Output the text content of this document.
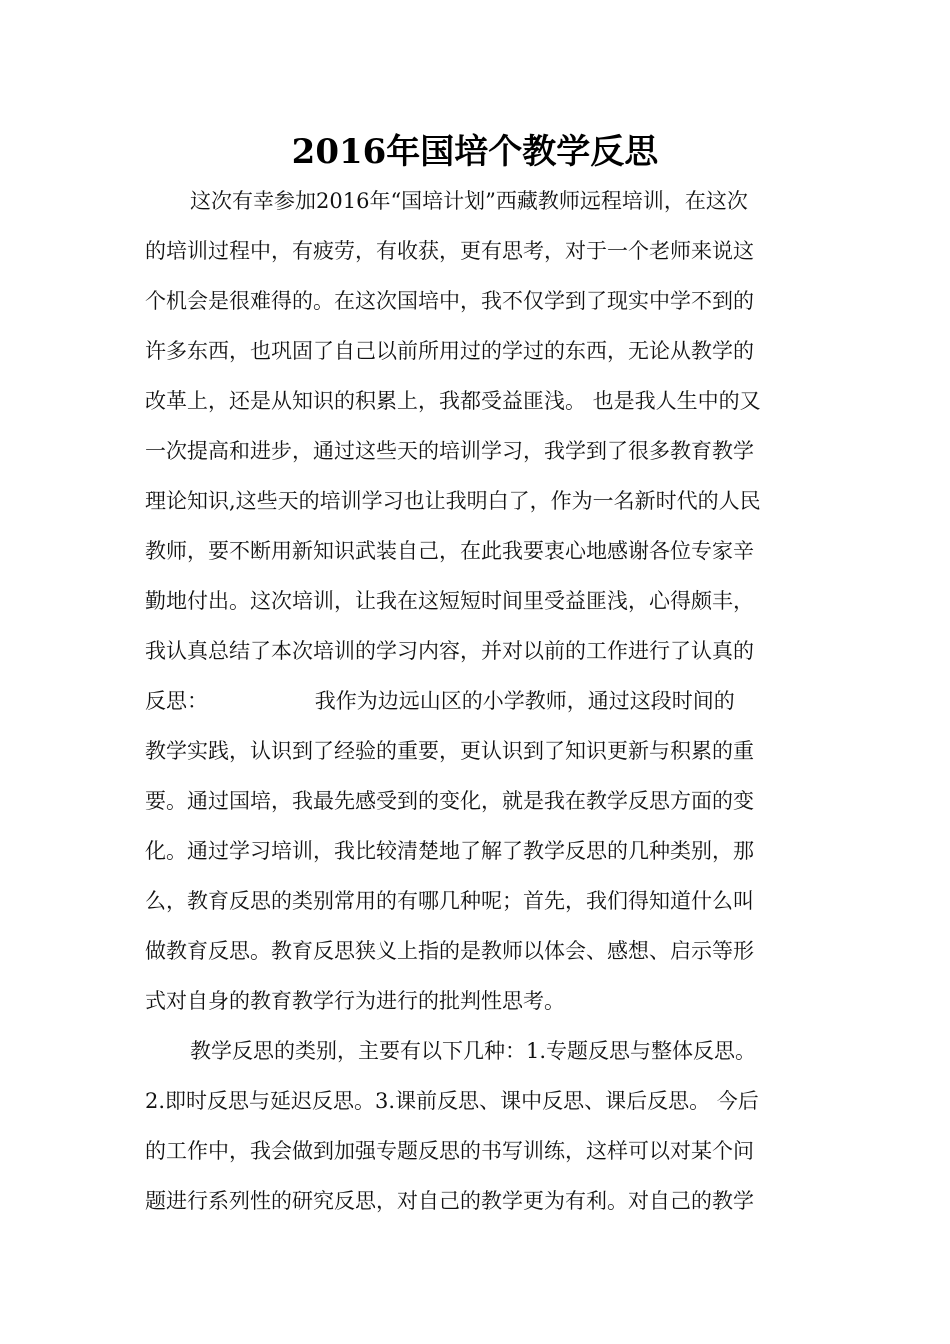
2016年国培个教学反思

这次有幸参加2016年“国培计划”西藏教师远程培训，在这次

的培训过程中，有疲劳，有收获，更有思考，对于一个老师来说这

个机会是很难得的。在这次国培中，我不仅学到了现实中学不到的

许多东西，也巩固了自己以前所用过的学过的东西，无论从教学的

改革上，还是从知识的积累上，我都受益匪浅。 也是我人生中的又

一次提高和进步，通过这些天的培训学习，我学到了很多教育教学

理论知识,这些天的培训学习也让我明白了，作为一名新时代的人民

教师，要不断用新知识武装自己，在此我要衷心地感谢各位专家辛

勤地付出。这次培训，让我在这短短时间里受益匪浅，心得颇丰，

我认真总结了本次培训的学习内容，并对以前的工作进行了认真的

反思：                我作为边远山区的小学教师，通过这段时间的

教学实践，认识到了经验的重要，更认识到了知识更新与积累的重

要。通过国培，我最先感受到的变化，就是我在教学反思方面的变

化。通过学习培训，我比较清楚地了解了教学反思的几种类别，那

么，教育反思的类别常用的有哪几种呢；首先，我们得知道什么叫

做教育反思。教育反思狭义上指的是教师以体会、感想、启示等形

式对自身的教育教学行为进行的批判性思考。

教学反思的类别，主要有以下几种：1.专题反思与整体反思。

2.即时反思与延迟反思。3.课前反思、课中反思、课后反思。 今后

的工作中，我会做到加强专题反思的书写训练，这样可以对某个问

题进行系列性的研究反思，对自己的教学更为有利。对自己的教学
